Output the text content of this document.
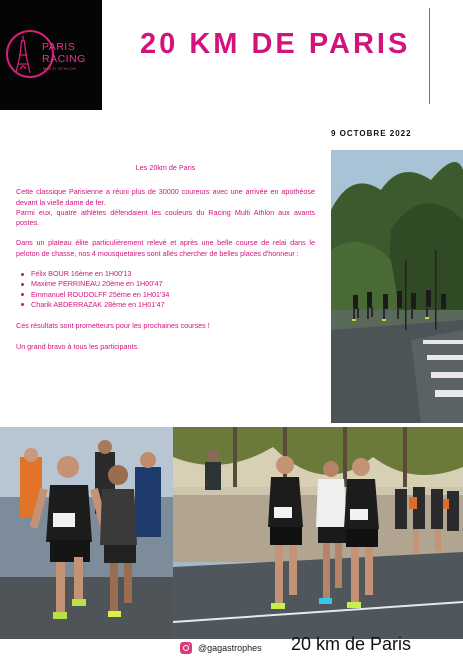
PARIS
RACING
MULTI ATHLON
20 KM DE PARIS
9 OCTOBRE 2022

Les 20km de Paris

Cette classique Parisienne a réuni plus de 30000 coureurs avec une arrivée en apothéose devant la vielle dame de fer.

Parmi eux, quatre athlètes défendaient les couleurs du Racing Multi Athlon aux avants postes.

Dans un plateau élite particulièrement relevé et après une belle course de relai dans le peloton de chasse, nos 4 mousquetaires sont allés chercher de belles places d'honneur :

Félix BOUR 16ème en 1H00'13
Maxime PERRINEAU 20ème en 1H00'47
Emmanuel ROUDOLFF 25ème en 1H01'34
Charik ABDERRAZAK 28ème en 1H01'47

Ces résultats sont prometteurs pour les prochaines courses !

Un grand bravo à tous les participants.

@gagastrophes 20 km de Paris
